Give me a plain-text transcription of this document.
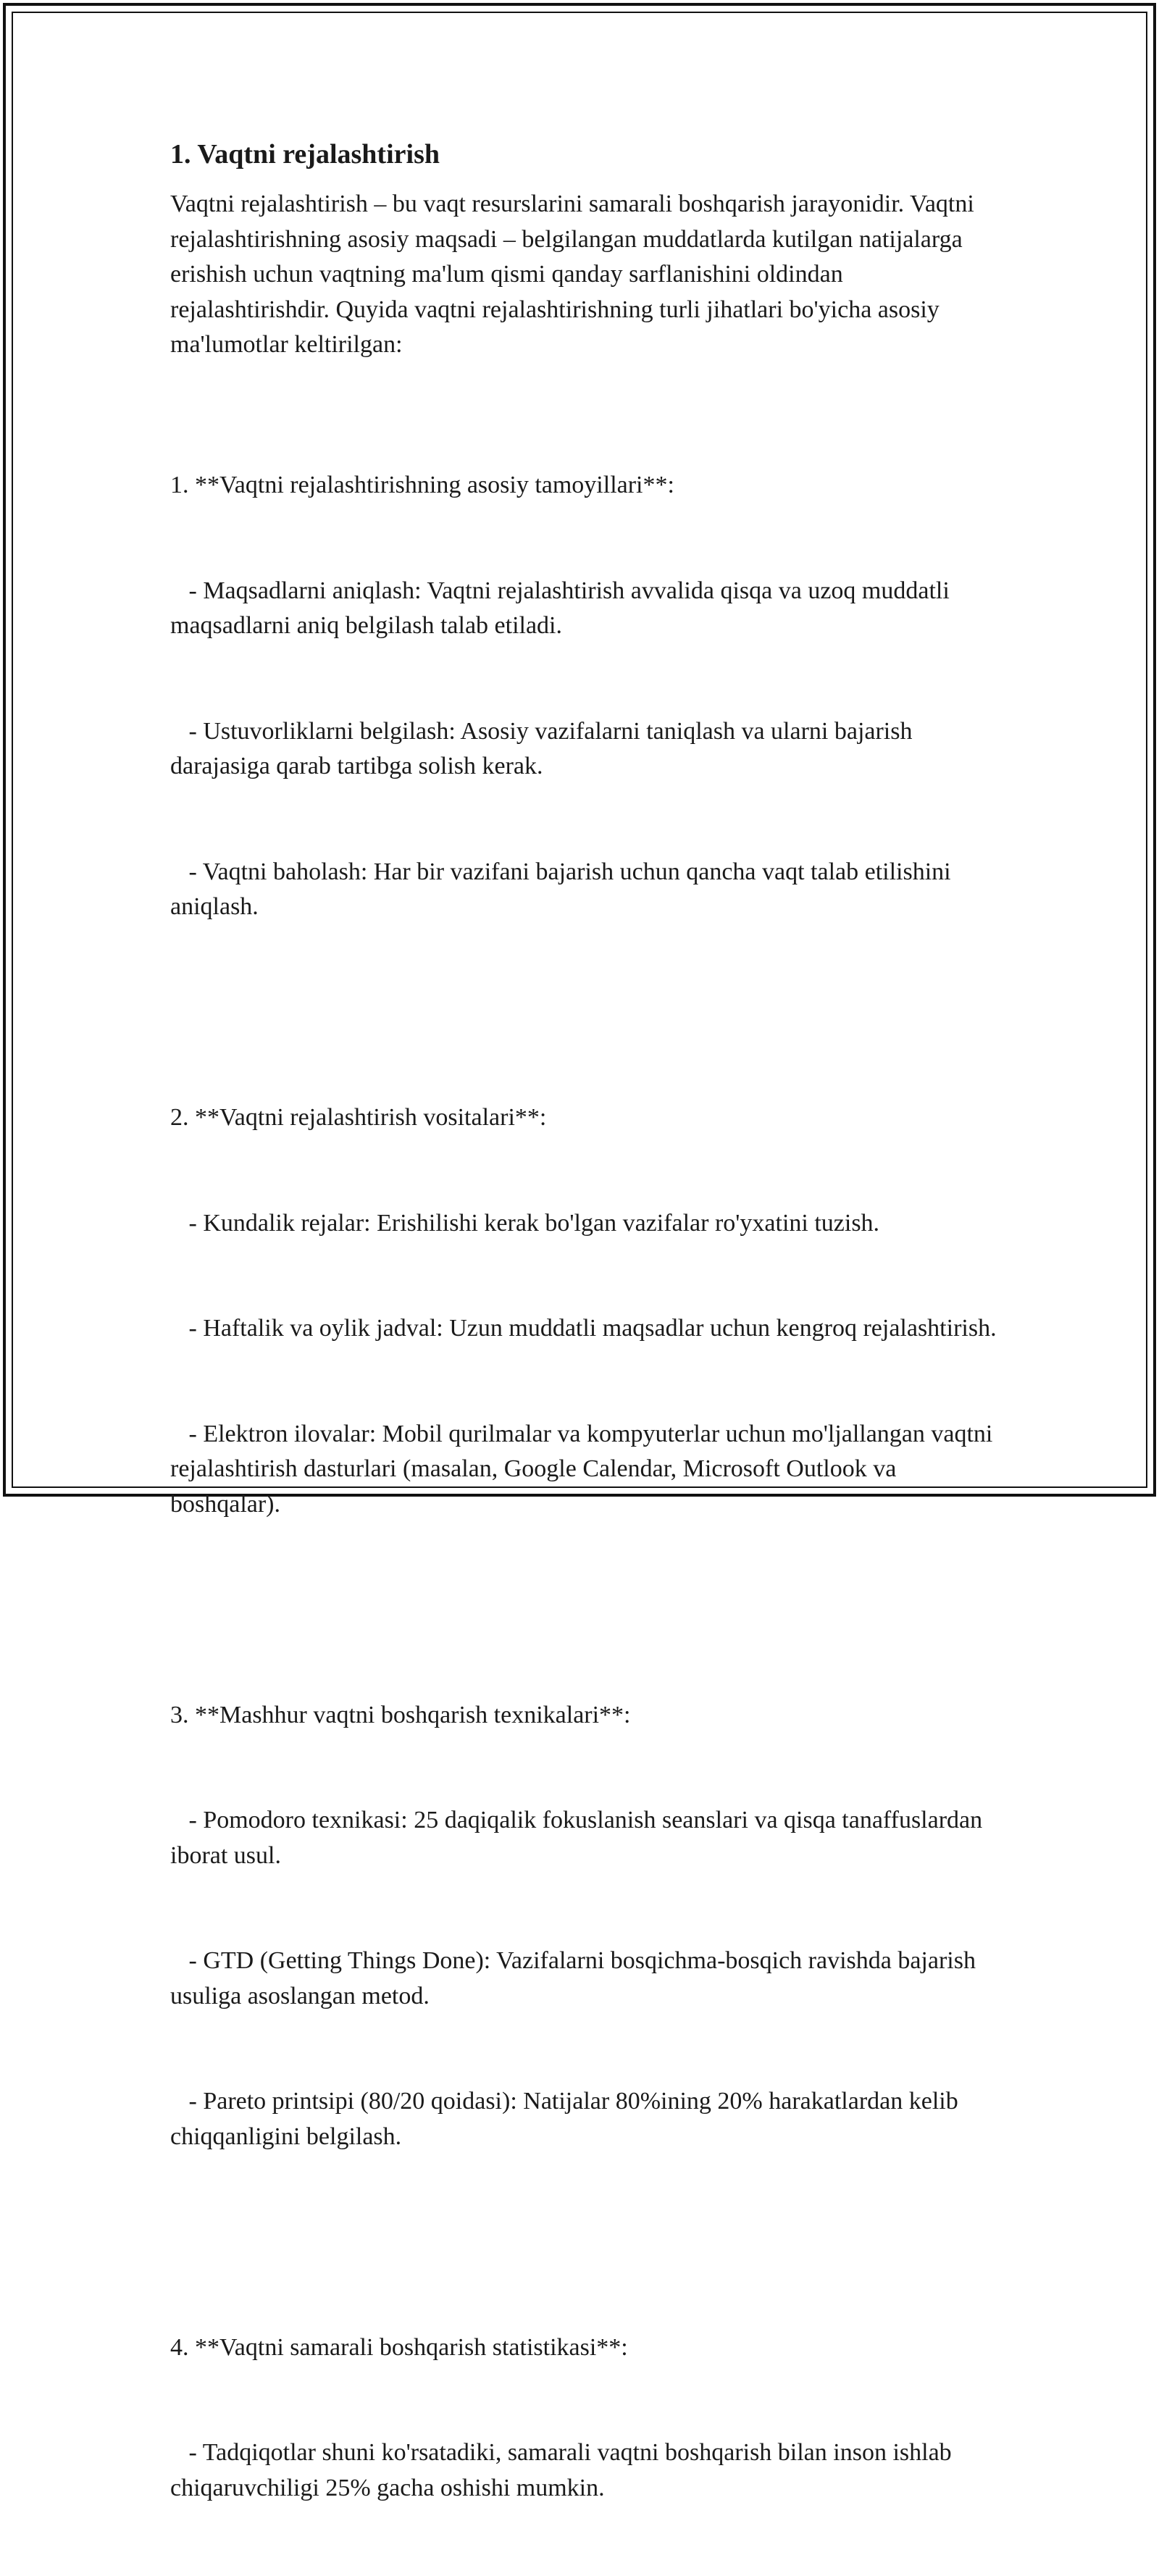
1. Vaqtni rejalashtirish

Vaqtni rejalashtirish – bu vaqt resurslarini samarali boshqarish jarayonidir. Vaqtni rejalashtirishning asosiy maqsadi – belgilangan muddatlarda kutilgan natijalarga erishish uchun vaqtning ma'lum qismi qanday sarflanishini oldindan rejalashtirishdir. Quyida vaqtni rejalashtirishning turli jihatlari bo'yicha asosiy ma'lumotlar keltirilgan:

1. **Vaqtni rejalashtirishning asosiy tamoyillari**:

- Maqsadlarni aniqlash: Vaqtni rejalashtirish avvalida qisqa va uzoq muddatli maqsadlarni aniq belgilash talab etiladi.

- Ustuvorliklarni belgilash: Asosiy vazifalarni taniqlash va ularni bajarish darajasiga qarab tartibga solish kerak.

- Vaqtni baholash: Har bir vazifani bajarish uchun qancha vaqt talab etilishini aniqlash.

2. **Vaqtni rejalashtirish vositalari**:

- Kundalik rejalar: Erishilishi kerak bo'lgan vazifalar ro'yxatini tuzish.

- Haftalik va oylik jadval: Uzun muddatli maqsadlar uchun kengroq rejalashtirish.

- Elektron ilovalar: Mobil qurilmalar va kompyuterlar uchun mo'ljallangan vaqtni rejalashtirish dasturlari (masalan, Google Calendar, Microsoft Outlook va boshqalar).

3. **Mashhur vaqtni boshqarish texnikalari**:

- Pomodoro texnikasi: 25 daqiqalik fokuslanish seanslari va qisqa tanaffuslardan iborat usul.

- GTD (Getting Things Done): Vazifalarni bosqichma-bosqich ravishda bajarish usuliga asoslangan metod.

- Pareto printsipi (80/20 qoidasi): Natijalar 80%ining 20% harakatlardan kelib chiqqanligini belgilash.

4. **Vaqtni samarali boshqarish statistikasi**:

- Tadqiqotlar shuni ko'rsatadiki, samarali vaqtni boshqarish bilan inson ishlab chiqaruvchiligi 25% gacha oshishi mumkin.
